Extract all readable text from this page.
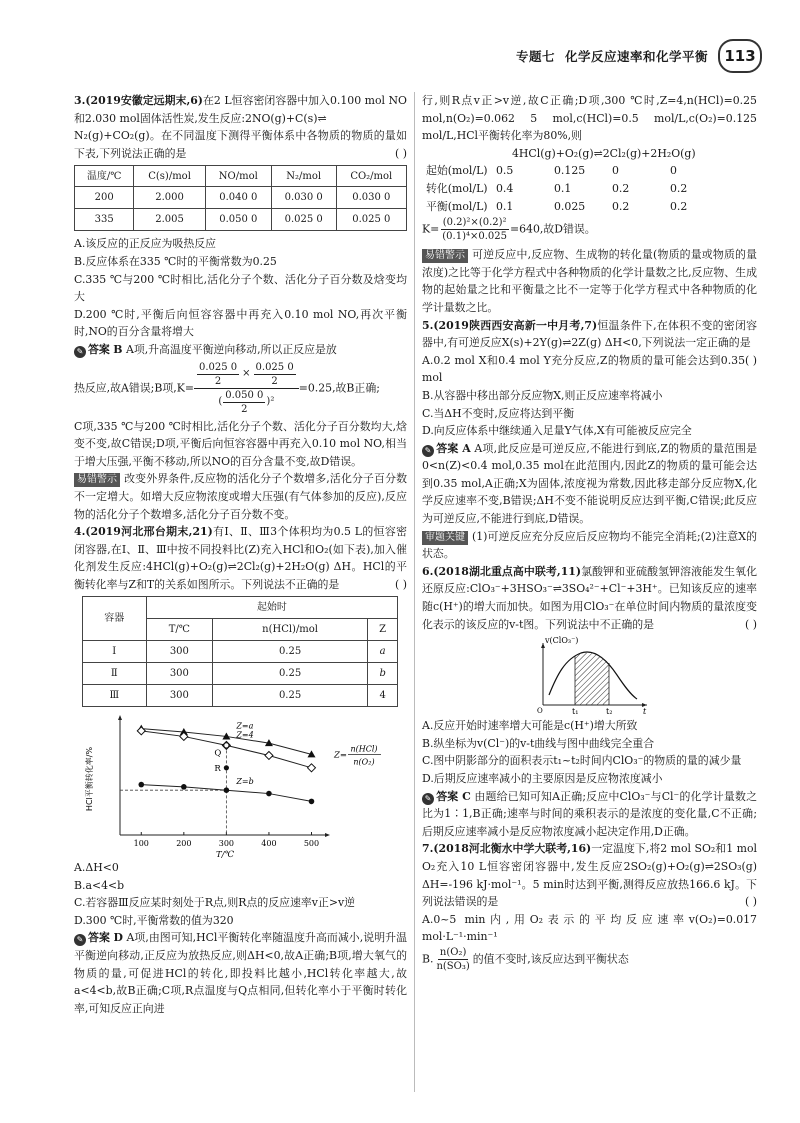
专题七 化学反应速率和化学平衡	113

3.(2019安徽定远期末,6)在2 L恒容密闭容器中加入0.100 mol NO和2.030 mol固体活性炭,发生反应:2NO(g)+C(s)⇌

N₂(g)+CO₂(g)。在不同温度下测得平衡体系中各物质的物质的量如下表,下列说法正确的是	( )

温度/℃	C(s)/mol	NO/mol	N₂/mol	CO₂/mol
200	2.000	0.040 0	0.030 0	0.030 0
335	2.005	0.050 0	0.025 0	0.025 0

A.该反应的正反应为吸热反应

B.反应体系在335 ℃时的平衡常数为0.25

C.335 ℃与200 ℃时相比,活化分子个数、活化分子百分数及焓变均大

D.200 ℃时,平衡后向恒容容器中再充入0.10 mol NO,再次平衡时,NO的百分含量将增大

✎ 答案 B A项,升高温度平衡逆向移动,所以正反应是放

热反应,故A错误;B项$,K= \frac{\frac{0.025 0}{2} \times \frac{0.025 0}{2}}{( \frac{0.050 0}{2} ) ^2} =0.25$,故B正确;

C项,335 ℃与200 ℃时相比,活化分子个数、活化分子百分数均大,焓变不变,故C错误;D项,平衡后向恒容容器中再充入0.10 mol NO,相当于增大压强,平衡不移动,所以NO的百分含量不变,故D错误。

易错警示 改变外界条件,反应物的活化分子个数增多,活化分子百分数不一定增大。如增大反应物浓度或增大压强(有气体参加的反应),反应物的活化分子个数增多,活化分子百分数不变。

4.(2019河北邢台期末,21)有Ⅰ、Ⅱ、Ⅲ3个体积均为0.5 L的恒容密闭容器,在Ⅰ、Ⅱ、Ⅲ中按不同投料比(Z)充入HCl和O₂(如下表),加入催化剂发生反应:4HCl(g)+O₂(g)⇌2Cl₂(g)+2H₂O(g) ΔH。HCl的平衡转化率与Z和T的关系如图所示。下列说法不正确的是	( )

容器	起始时		
	T/℃	n(HCl)/mol	Z
Ⅰ	300	0.25	a
Ⅱ	300	0.25	b
Ⅲ	300	0.25	4
100	200	300	400	500
T/℃
HCl平衡转化率/%
Z=a
Z=4
Z=b
Q
R
Z=
n(HCl)
n(O₂)

A.ΔH<0

B.a<4<b

C.若容器Ⅲ反应某时刻处于R点,则R点的反应速率v正>v逆

D.300 ℃时,平衡常数的值为320

✎ 答案 D A项,由图可知,HCl平衡转化率随温度升高而减小,说明升温平衡逆向移动,正反应为放热反应,则ΔH<0,故A正确;B项,增大氧气的物质的量,可促进HCl的转化,即投料比越小,HCl转化率越大,故a<4<b,故B正确;C项,R点温度与Q点相同,但转化率小于平衡时转化率,可知反应正向进

行,则R点v正>v逆,故C正确;D项,300 ℃时,Z=4,n(HCl)=0.25 mol,n(O₂)=0.062 5 mol,c(HCl)=0.5 mol/L,c(O₂)=0.125 mol/L,HCl平衡转化率为80%,则

4HCl(g)+O₂(g)⇌2Cl₂(g)+2H₂O(g)

起始(mol/L) 0.5	0.125	0	0
转化(mol/L) 0.4	0.1	0.2	0.2
平衡(mol/L) 0.1	0.025	0.2	0.2

$K= \frac{\text{(0.2)²×(0.2)²}}{\text{(0.1)⁴×0.025}} =640$,故D错误。

易错警示 可逆反应中,反应物、生成物的转化量(物质的量或物质的量浓度)之比等于化学方程式中各种物质的化学计量数之比,反应物、生成物的起始量之比和平衡量之比不一定等于化学方程式中各种物质的化学计量数之比。

5.(2019陕西西安高新一中月考,7)恒温条件下,在体积不变的密闭容器中,有可逆反应X(s)+2Y(g)⇌2Z(g) ΔH<0,下列说法一定正确的是
( )

A.0.2 mol X和0.4 mol Y充分反应,Z的物质的量可能会达到0.35 mol

B.从容器中移出部分反应物X,则正反应速率将减小

C.当ΔH不变时,反应将达到平衡

D.向反应体系中继续通入足量Y气体,X有可能被反应完全

✎ 答案 A A项,此反应是可逆反应,不能进行到底,Z的物质的量范围是0<n(Z)<0.4 mol,0.35 mol在此范围内,因此Z的物质的量可能会达到0.35 mol,A正确;X为固体,浓度视为常数,因此移走部分反应物X,化学反应速率不变,B错误;ΔH不变不能说明反应达到平衡,C错误;此反应为可逆反应,不能进行到底,D错误。

审题关键 (1)可逆反应充分反应后反应物均不能完全消耗;(2)注意X的状态。

6.(2018湖北重点高中联考,11)氯酸钾和亚硫酸氢钾溶液能发生氧化还原反应:ClO₃⁻+3HSO₃⁻⇌3SO₄²⁻+Cl⁻+3H⁺。已知该反应的速率随c(H⁺)的增大而加快。如图为用ClO₃⁻在单位时间内物质的量浓度变化表示的该反应的v-t图。下列说法中不正确的是	( )

v(ClO₃⁻)
O	t₁	t₂	t

A.反应开始时速率增大可能是c(H⁺)增大所致

B.纵坐标为v(Cl⁻)的v-t曲线与图中曲线完全重合

C.图中阴影部分的面积表示t₁~t₂时间内ClO₃⁻的物质的量的减少量

D.后期反应速率减小的主要原因是反应物浓度减小

✎ 答案 C 由题给已知可知A正确;反应中ClO₃⁻与Cl⁻的化学计量数之比为1∶1,B正确;速率与时间的乘积表示的是浓度的变化量,C不正确;后期反应速率减小是反应物浓度减小起决定作用,D正确。

7.(2018河北衡水中学大联考,16)一定温度下,将2 mol SO₂和1 mol O₂充入10 L恒容密闭容器中,发生反应2SO₂(g)+O₂(g)⇌2SO₃(g) ΔH=-196 kJ·mol⁻¹。5 min时达到平衡,测得反应放热166.6 kJ。下列说法错误的是	( )

A.0~5 min内,用O₂表示的平均反应速率v(O₂)=0.017 mol·L⁻¹·min⁻¹

B. $\frac{\text{n(O₂)}}{\text{n(SO₃)}}$ 的值不变时,该反应达到平衡状态
